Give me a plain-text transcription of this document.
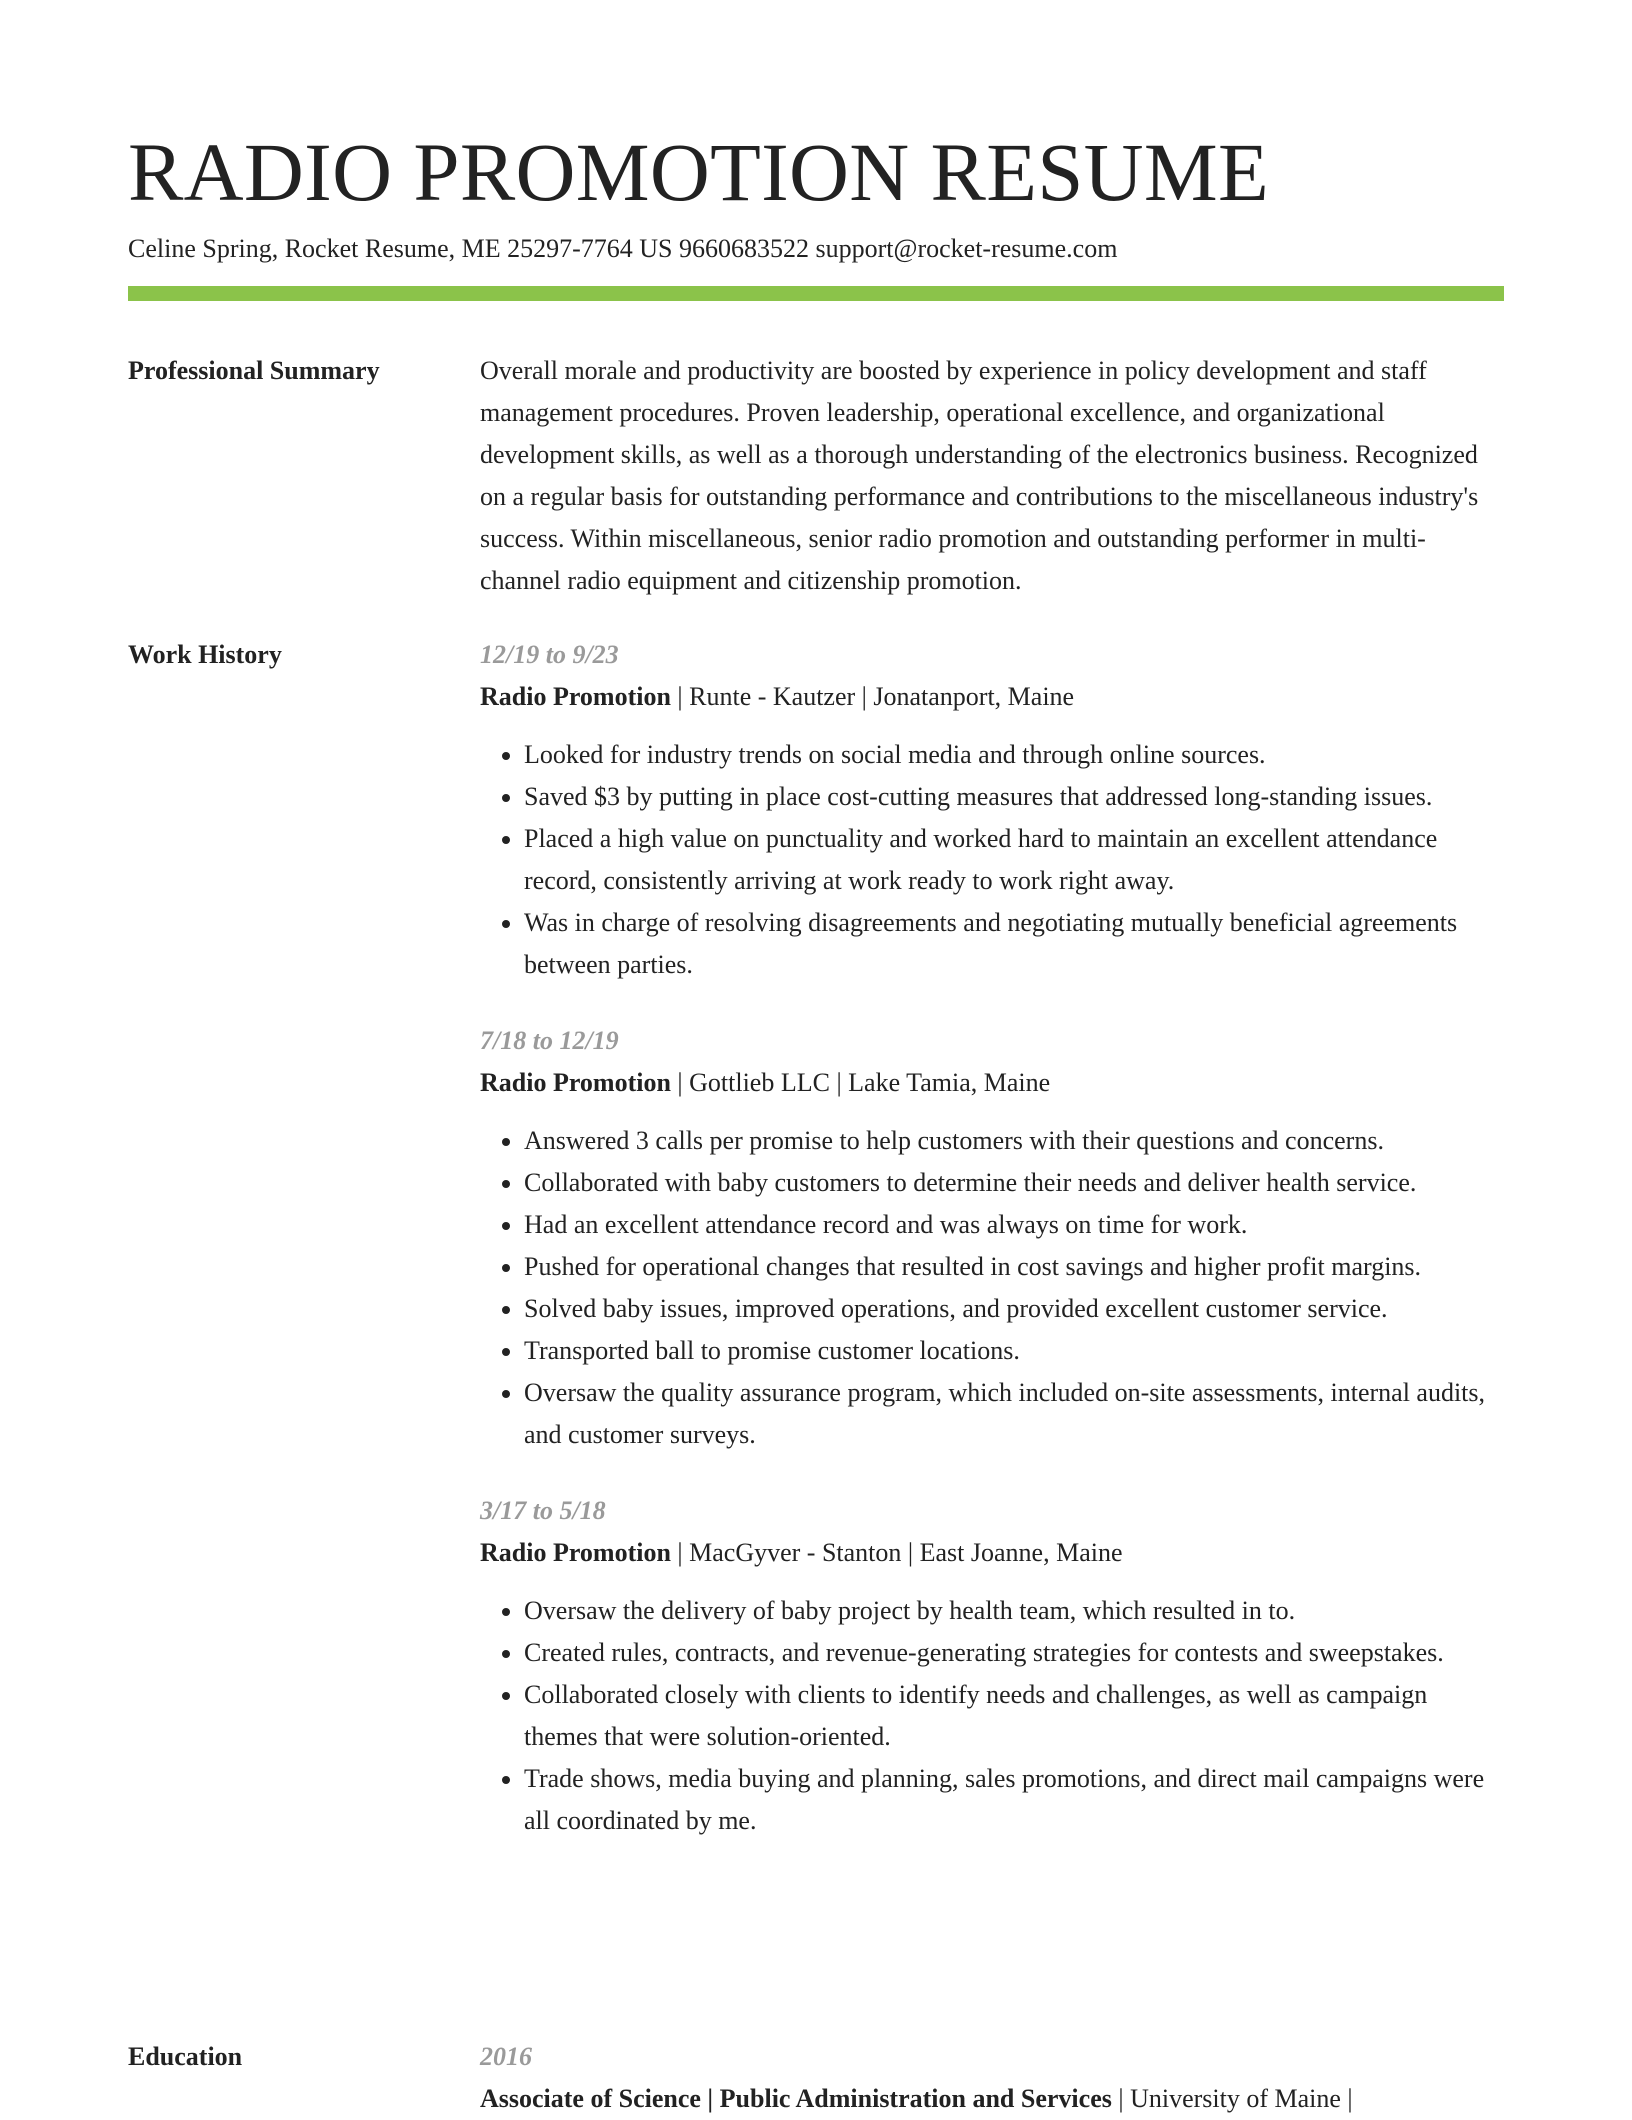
RADIO PROMOTION RESUME
Celine Spring, Rocket Resume, ME 25297-7764 US 9660683522 support@rocket-resume.com
Professional Summary	Overall morale and productivity are boosted by experience in policy development and staff management procedures. Proven leadership, operational excellence, and organizational development skills, as well as a thorough understanding of the electronics business. Recognized on a regular basis for outstanding performance and contributions to the miscellaneous industry's success. Within miscellaneous, senior radio promotion and outstanding performer in multi-channel radio equipment and citizenship promotion.

Work History	12/19 to 9/23
Radio Promotion | Runte - Kautzer | Jonatanport, Maine
• Looked for industry trends on social media and through online sources.
• Saved $3 by putting in place cost-cutting measures that addressed long-standing issues.
• Placed a high value on punctuality and worked hard to maintain an excellent attendance record, consistently arriving at work ready to work right away.
• Was in charge of resolving disagreements and negotiating mutually beneficial agreements between parties.
7/18 to 12/19
Radio Promotion | Gottlieb LLC | Lake Tamia, Maine
• Answered 3 calls per promise to help customers with their questions and concerns.
• Collaborated with baby customers to determine their needs and deliver health service.
• Had an excellent attendance record and was always on time for work.
• Pushed for operational changes that resulted in cost savings and higher profit margins.
• Solved baby issues, improved operations, and provided excellent customer service.
• Transported ball to promise customer locations.
• Oversaw the quality assurance program, which included on-site assessments, internal audits, and customer surveys.
3/17 to 5/18
Radio Promotion | MacGyver - Stanton | East Joanne, Maine
• Oversaw the delivery of baby project by health team, which resulted in to.
• Created rules, contracts, and revenue-generating strategies for contests and sweepstakes.
• Collaborated closely with clients to identify needs and challenges, as well as campaign themes that were solution-oriented.
• Trade shows, media buying and planning, sales promotions, and direct mail campaigns were all coordinated by me.
Education	2016
Associate of Science | Public Administration and Services | University of Maine |
